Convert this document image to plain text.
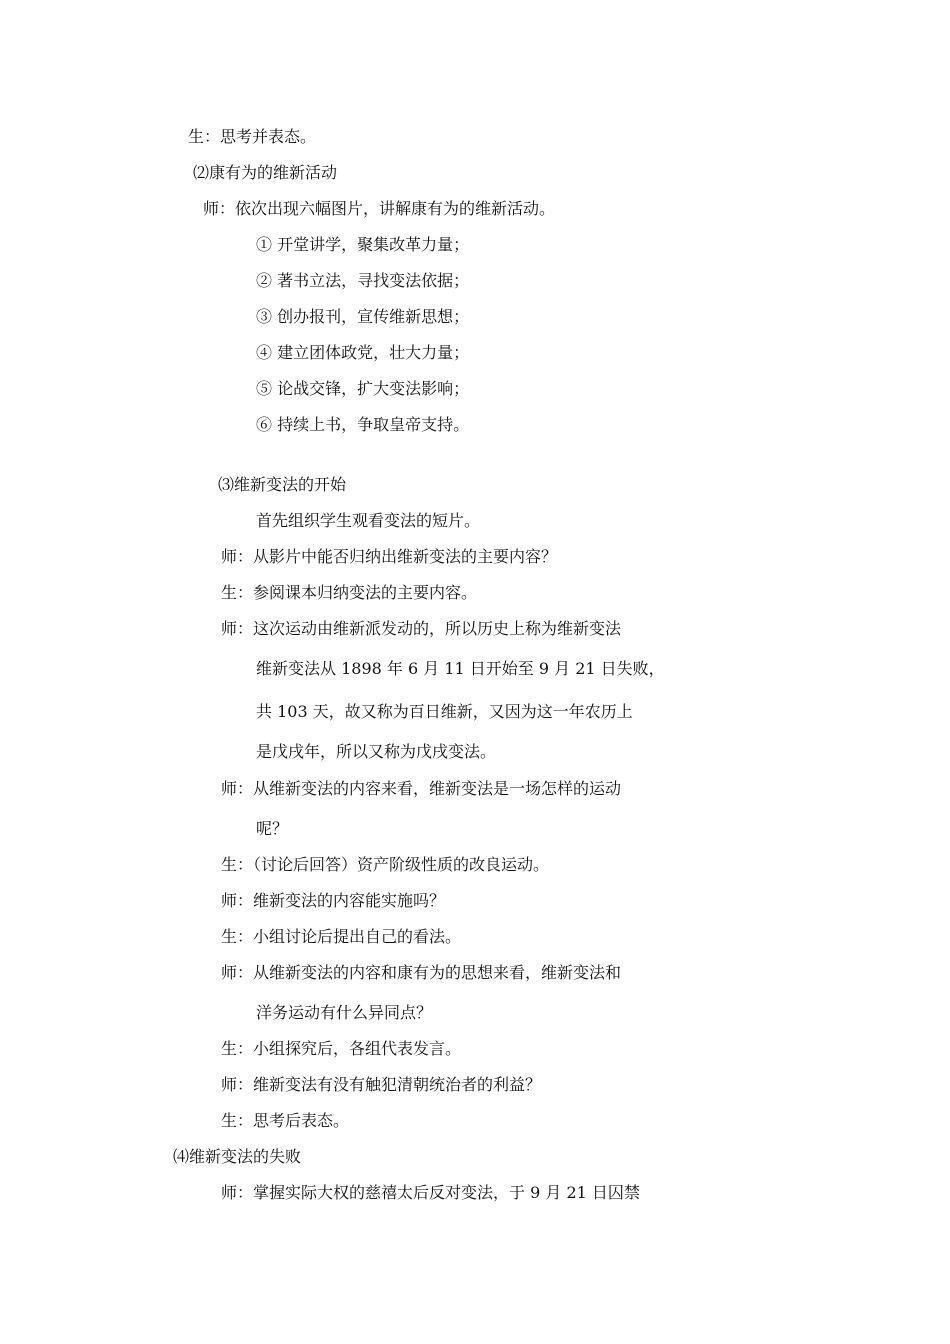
生：思考并表态。
⑵康有为的维新活动
师：依次出现六幅图片，讲解康有为的维新活动。
① 开堂讲学，聚集改革力量；
② 著书立法，寻找变法依据；
③ 创办报刊，宣传维新思想；
④ 建立团体政党，壮大力量；
⑤ 论战交锋，扩大变法影响；
⑥ 持续上书，争取皇帝支持。
⑶维新变法的开始
首先组织学生观看变法的短片。
师：从影片中能否归纳出维新变法的主要内容？
生：参阅课本归纳变法的主要内容。
师：这次运动由维新派发动的，所以历史上称为维新变法
维新变法从 1898 年 6 月 11 日开始至 9 月 21 日失败，
共 103 天，故又称为百日维新，又因为这一年农历上
是戊戌年，所以又称为戊戌变法。
师：从维新变法的内容来看，维新变法是一场怎样的运动
呢？
生：（讨论后回答）资产阶级性质的改良运动。
师：维新变法的内容能实施吗？
生：小组讨论后提出自己的看法。
师：从维新变法的内容和康有为的思想来看，维新变法和
洋务运动有什么异同点？
生：小组探究后，各组代表发言。
师：维新变法有没有触犯清朝统治者的利益？
生：思考后表态。
⑷维新变法的失败
师：掌握实际大权的慈禧太后反对变法，于 9 月 21 日囚禁
